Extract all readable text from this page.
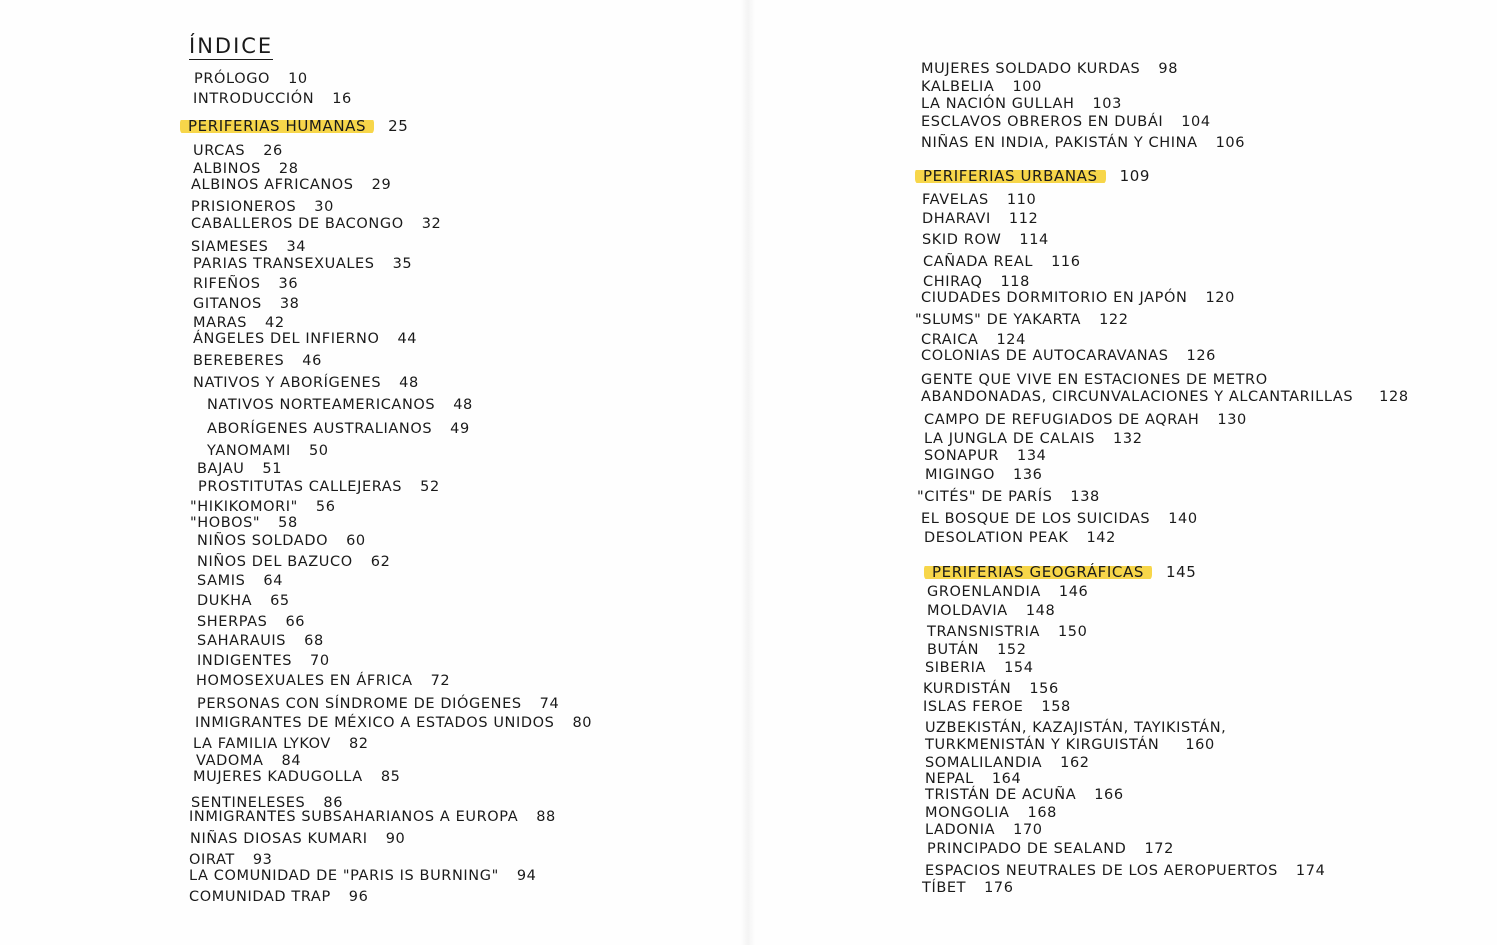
ÍNDICE
PRÓLOGO 10
INTRODUCCIÓN 16
PERIFERIAS HUMANAS 25
URCAS 26
ALBINOS 28
ALBINOS AFRICANOS 29
PRISIONEROS 30
CABALLEROS DE BACONGO 32
SIAMESES 34
PARIAS TRANSEXUALES 35
RIFEÑOS 36
GITANOS 38
MARAS 42
ÁNGELES DEL INFIERNO 44
BEREBERES 46
NATIVOS Y ABORÍGENES 48
NATIVOS NORTEAMERICANOS 48
ABORÍGENES AUSTRALIANOS 49
YANOMAMI 50
BAJAU 51
PROSTITUTAS CALLEJERAS 52
"HIKIKOMORI" 56
"HOBOS" 58
NIÑOS SOLDADO 60
NIÑOS DEL BAZUCO 62
SAMIS 64
DUKHA 65
SHERPAS 66
SAHARAUIS 68
INDIGENTES 70
HOMOSEXUALES EN ÁFRICA 72
PERSONAS CON SÍNDROME DE DIÓGENES 74
INMIGRANTES DE MÉXICO A ESTADOS UNIDOS 80
LA FAMILIA LYKOV 82
VADOMA 84
MUJERES KADUGOLLA 85
SENTINELESES 86
INMIGRANTES SUBSAHARIANOS A EUROPA 88
NIÑAS DIOSAS KUMARI 90
OIRAT 93
LA COMUNIDAD DE "PARIS IS BURNING" 94
COMUNIDAD TRAP 96
MUJERES SOLDADO KURDAS 98
KALBELIA 100
LA NACIÓN GULLAH 103
ESCLAVOS OBREROS EN DUBÁI 104
NIÑAS EN INDIA, PAKISTÁN Y CHINA 106
PERIFERIAS URBANAS 109
FAVELAS 110
DHARAVI 112
SKID ROW 114
CAÑADA REAL 116
CHIRAQ 118
CIUDADES DORMITORIO EN JAPÓN 120
"SLUMS" DE YAKARTA 122
CRAICA 124
COLONIAS DE AUTOCARAVANAS 126
GENTE QUE VIVE EN ESTACIONES DE METRO
ABANDONADAS, CIRCUNVALACIONES Y ALCANTARILLAS 128
CAMPO DE REFUGIADOS DE AQRAH 130
LA JUNGLA DE CALAIS 132
SONAPUR 134
MIGINGO 136
"CITÉS" DE PARÍS 138
EL BOSQUE DE LOS SUICIDAS 140
DESOLATION PEAK 142
PERIFERIAS GEOGRÁFICAS 145
GROENLANDIA 146
MOLDAVIA 148
TRANSNISTRIA 150
BUTÁN 152
SIBERIA 154
KURDISTÁN 156
ISLAS FEROE 158
UZBEKISTÁN, KAZAJISTÁN, TAYIKISTÁN,
TURKMENISTÁN Y KIRGUISTÁN 160
SOMALILANDIA 162
NEPAL 164
TRISTÁN DE ACUÑA 166
MONGOLIA 168
LADONIA 170
PRINCIPADO DE SEALAND 172
ESPACIOS NEUTRALES DE LOS AEROPUERTOS 174
TÍBET 176
